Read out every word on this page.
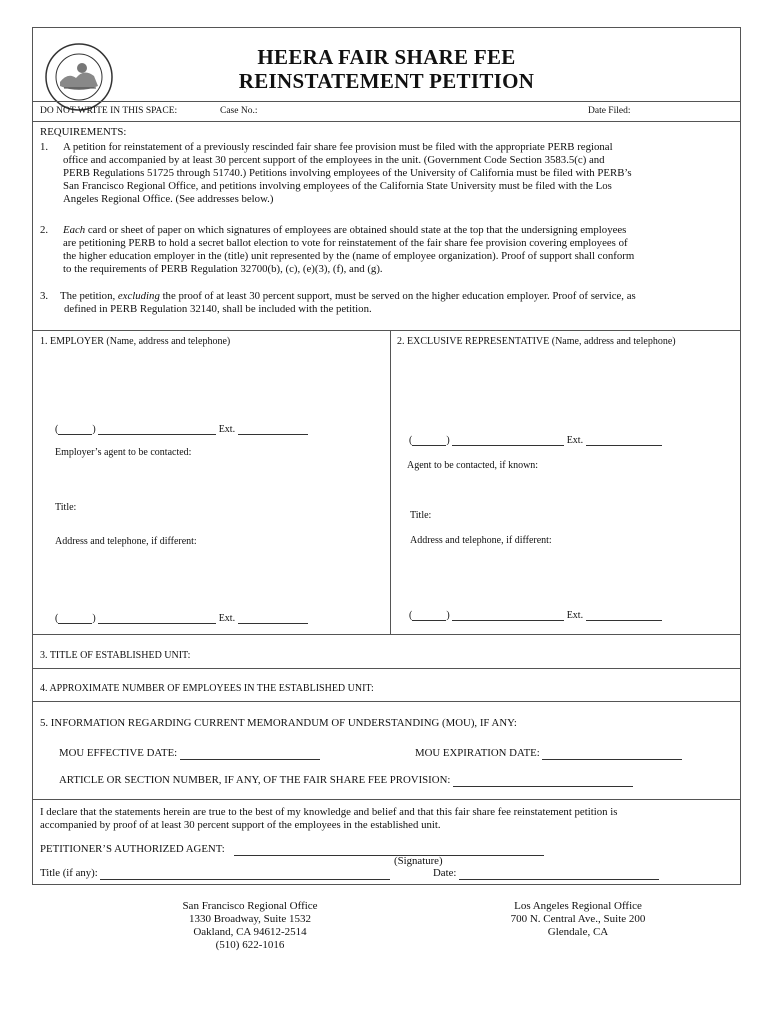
HEERA FAIR SHARE FEE
REINSTATEMENT PETITION
DO NOT WRITE IN THIS SPACE:	Case No.:	Date Filed:
REQUIREMENTS:
1. A petition for reinstatement of a previously rescinded fair share fee provision must be filed with the appropriate PERB regional
office and accompanied by at least 30 percent support of the employees in the unit. (Government Code Section 3583.5(c) and
PERB Regulations 51725 through 51740.) Petitions involving employees of the University of California must be filed with PERB’s
San Francisco Regional Office, and petitions involving employees of the California State University must be filed with the Los
Angeles Regional Office. (See addresses below.)
2. Each card or sheet of paper on which signatures of employees are obtained should state at the top that the undersigning employees
are petitioning PERB to hold a secret ballot election to vote for reinstatement of the fair share fee provision covering employees of
the higher education employer in the (title) unit represented by the (name of employee organization). Proof of support shall conform
to the requirements of PERB Regulation 32700(b), (c), (e)(3), (f), and (g).
3. The petition, excluding the proof of at least 30 percent support, must be served on the higher education employer. Proof of service, as
defined in PERB Regulation 32140, shall be included with the petition.
1. EMPLOYER (Name, address and telephone)
(	)	Ext.
Employer’s agent to be contacted:
Title:
Address and telephone, if different:
(	)	Ext.
2. EXCLUSIVE REPRESENTATIVE (Name, address and telephone)
(	)	Ext.
Agent to be contacted, if known:
Title:
Address and telephone, if different:
(	)	Ext.
3. TITLE OF ESTABLISHED UNIT:
4. APPROXIMATE NUMBER OF EMPLOYEES IN THE ESTABLISHED UNIT:
5. INFORMATION REGARDING CURRENT MEMORANDUM OF UNDERSTANDING (MOU), IF ANY:
MOU EFFECTIVE DATE:	MOU EXPIRATION DATE:
ARTICLE OR SECTION NUMBER, IF ANY, OF THE FAIR SHARE FEE PROVISION:
I declare that the statements herein are true to the best of my knowledge and belief and that this fair share fee reinstatement petition is
accompanied by proof of at least 30 percent support of the employees in the established unit.
PETITIONER’S AUTHORIZED AGENT:
(Signature)
Title (if any):	Date:
San Francisco Regional Office
1330 Broadway, Suite 1532
Oakland, CA 94612-2514
(510) 622-1016
Los Angeles Regional Office
700 N. Central Ave., Suite 200
Glendale, CA
